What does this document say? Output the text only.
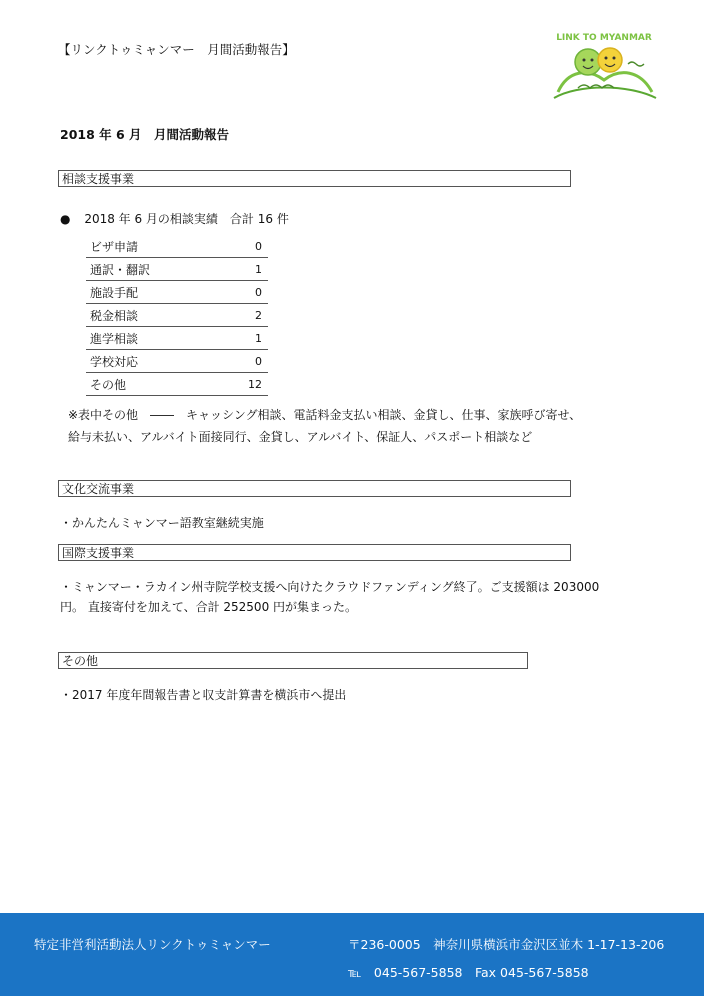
【リンクトゥミャンマー　月間活動報告】
LINK TO MYANMAR
2018 年 6 月　月間活動報告
相談支援事業
● 2018 年 6 月の相談実績　合計 16 件
ビザ申請	0
通訳・翻訳	1
施設手配	0
税金相談	2
進学相談	1
学校対応	0
その他	12
※表中その他　――　キャッシング相談、電話料金支払い相談、金貸し、仕事、家族呼び寄せ、
給与未払い、アルバイト面接同行、金貸し、アルバイト、保証人、パスポート相談など
文化交流事業
・かんたんミャンマー語教室継続実施
国際支援事業
・ミャンマー・ラカイン州寺院学校支援へ向けたクラウドファンディング終了。ご支援額は 203000
円。 直接寄付を加えて、合計 252500 円が集まった。
その他
・2017 年度年間報告書と収支計算書を横浜市へ提出
特定非営利活動法人リンクトゥミャンマー	〒236-0005　神奈川県横浜市金沢区並木 1-17-13-206
℡　045-567-5858　Fax 045-567-5858
